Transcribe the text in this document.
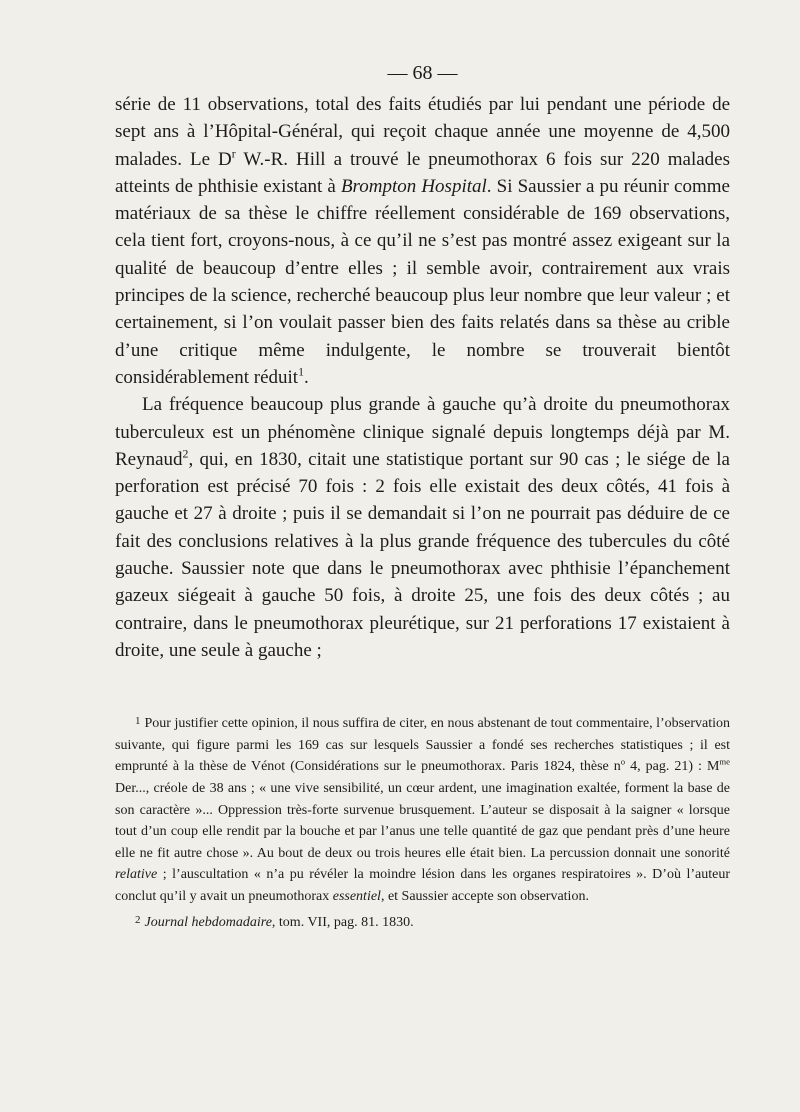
— 68 —

série de 11 observations, total des faits étudiés par lui pendant une période de sept ans à l’Hôpital-Général, qui reçoit chaque année une moyenne de 4,500 malades. Le $D^r$ W.-R. Hill a trouvé le pneumothorax 6 fois sur 220 malades atteints de phthisie existant à Brompton Hospital. Si Saussier a pu réunir comme matériaux de sa thèse le chiffre réellement considérable de 169 observations, cela tient fort, croyons-nous, à ce qu’il ne s’est pas montré assez exigeant sur la qualité de beaucoup d’entre elles ; il semble avoir, contrairement aux vrais principes de la science, recherché beaucoup plus leur nombre que leur valeur ; et certainement, si l’on voulait passer bien des faits relatés dans sa thèse au crible d’une critique même indulgente, le nombre se trouverait bientôt considérablement réduit$^1$.

La fréquence beaucoup plus grande à gauche qu’à droite du pneumothorax tuberculeux est un phénomène clinique signalé depuis longtemps déjà par M. Reynaud$^2$, qui, en 1830, citait une statistique portant sur 90 cas ; le siége de la perforation est précisé 70 fois : 2 fois elle existait des deux côtés, 41 fois à gauche et 27 à droite ; puis il se demandait si l’on ne pourrait pas déduire de ce fait des conclusions relatives à la plus grande fréquence des tubercules du côté gauche. Saussier note que dans le pneumothorax avec phthisie l’épanchement gazeux siégeait à gauche 50 fois, à droite 25, une fois des deux côtés ; au contraire, dans le pneumothorax pleurétique, sur 21 perforations 17 existaient à droite, une seule à gauche ;

$^1$ Pour justifier cette opinion, il nous suffira de citer, en nous abstenant de tout commentaire, l’observation suivante, qui figure parmi les 169 cas sur lesquels Saussier a fondé ses recherches statistiques ; il est emprunté à la thèse de Vénot (Considérations sur le pneumothorax. Paris 1824, thèse $n^o$ 4, pag. 21) : $M^{me}$ Der..., créole de 38 ans ; « une vive sensibilité, un cœur ardent, une imagination exaltée, forment la base de son caractère »... Oppression très-forte survenue brusquement. L’auteur se disposait à la saigner « lorsque tout d’un coup elle rendit par la bouche et par l’anus une telle quantité de gaz que pendant près d’une heure elle ne fit autre chose ». Au bout de deux ou trois heures elle était bien. La percussion donnait une sonorité relative ; l’auscultation « n’a pu révéler la moindre lésion dans les organes respiratoires ». D’où l’auteur conclut qu’il y avait un pneumothorax essentiel, et Saussier accepte son observation.

$^2$ Journal hebdomadaire, tom. VII, pag. 81. 1830.
